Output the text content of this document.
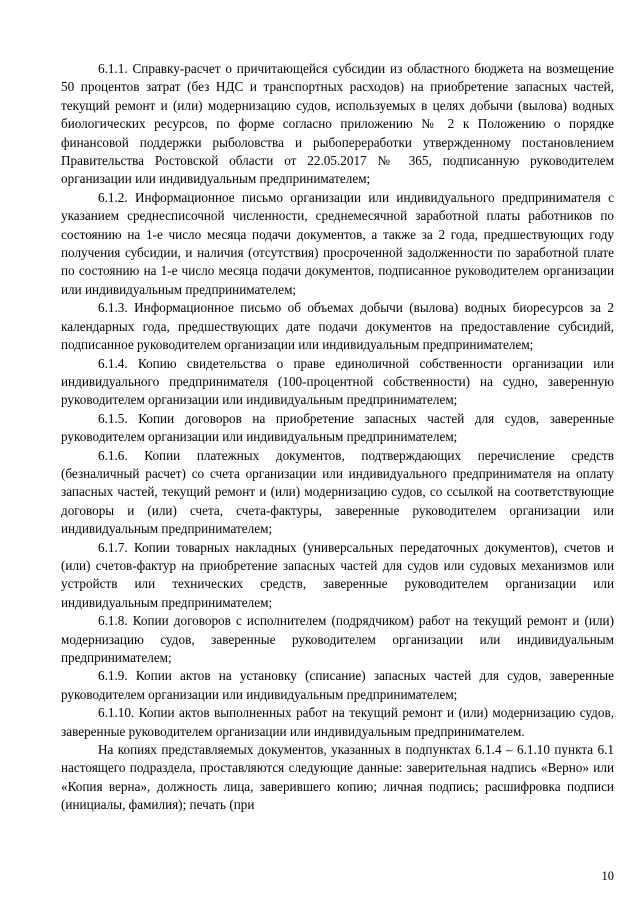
6.1.1. Справку-расчет о причитающейся субсидии из областного бюджета на возмещение 50 процентов затрат (без НДС и транспортных расходов) на приобретение запасных частей, текущий ремонт и (или) модернизацию судов, используемых в целях добычи (вылова) водных биологических ресурсов, по форме согласно приложению № 2 к Положению о порядке финансовой поддержки рыболовства и рыбопереработки утвержденному постановлением Правительства Ростовской области от 22.05.2017 № 365, подписанную руководителем организации или индивидуальным предпринимателем;

6.1.2. Информационное письмо организации или индивидуального предпринимателя с указанием среднесписочной численности, среднемесячной заработной платы работников по состоянию на 1-е число месяца подачи документов, а также за 2 года, предшествующих году получения субсидии, и наличия (отсутствия) просроченной задолженности по заработной плате по состоянию на 1-е число месяца подачи документов, подписанное руководителем организации или индивидуальным предпринимателем;

6.1.3. Информационное письмо об объемах добычи (вылова) водных биоресурсов за 2 календарных года, предшествующих дате подачи документов на предоставление субсидий, подписанное руководителем организации или индивидуальным предпринимателем;

6.1.4. Копию свидетельства о праве единоличной собственности организации или индивидуального предпринимателя (100-процентной собственности) на судно, заверенную руководителем организации или индивидуальным предпринимателем;

6.1.5. Копии договоров на приобретение запасных частей для судов, заверенные руководителем организации или индивидуальным предпринимателем;

6.1.6. Копии платежных документов, подтверждающих перечисление средств (безналичный расчет) со счета организации или индивидуального предпринимателя на оплату запасных частей, текущий ремонт и (или) модернизацию судов, со ссылкой на соответствующие договоры и (или) счета, счета-фактуры, заверенные руководителем организации или индивидуальным предпринимателем;

6.1.7. Копии товарных накладных (универсальных передаточных документов), счетов и (или) счетов-фактур на приобретение запасных частей для судов или судовых механизмов или устройств или технических средств, заверенные руководителем организации или индивидуальным предпринимателем;

6.1.8. Копии договоров с исполнителем (подрядчиком) работ на текущий ремонт и (или) модернизацию судов, заверенные руководителем организации или индивидуальным предпринимателем;

6.1.9. Копии актов на установку (списание) запасных частей для судов, заверенные руководителем организации или индивидуальным предпринимателем;

6.1.10. Копии актов выполненных работ на текущий ремонт и (или) модернизацию судов, заверенные руководителем организации или индивидуальным предпринимателем.

На копиях представляемых документов, указанных в подпунктах 6.1.4 – 6.1.10 пункта 6.1 настоящего подраздела, проставляются следующие данные: заверительная надпись «Верно» или «Копия верна», должность лица, заверившего копию; личная подпись; расшифровка подписи (инициалы, фамилия); печать (при

10
